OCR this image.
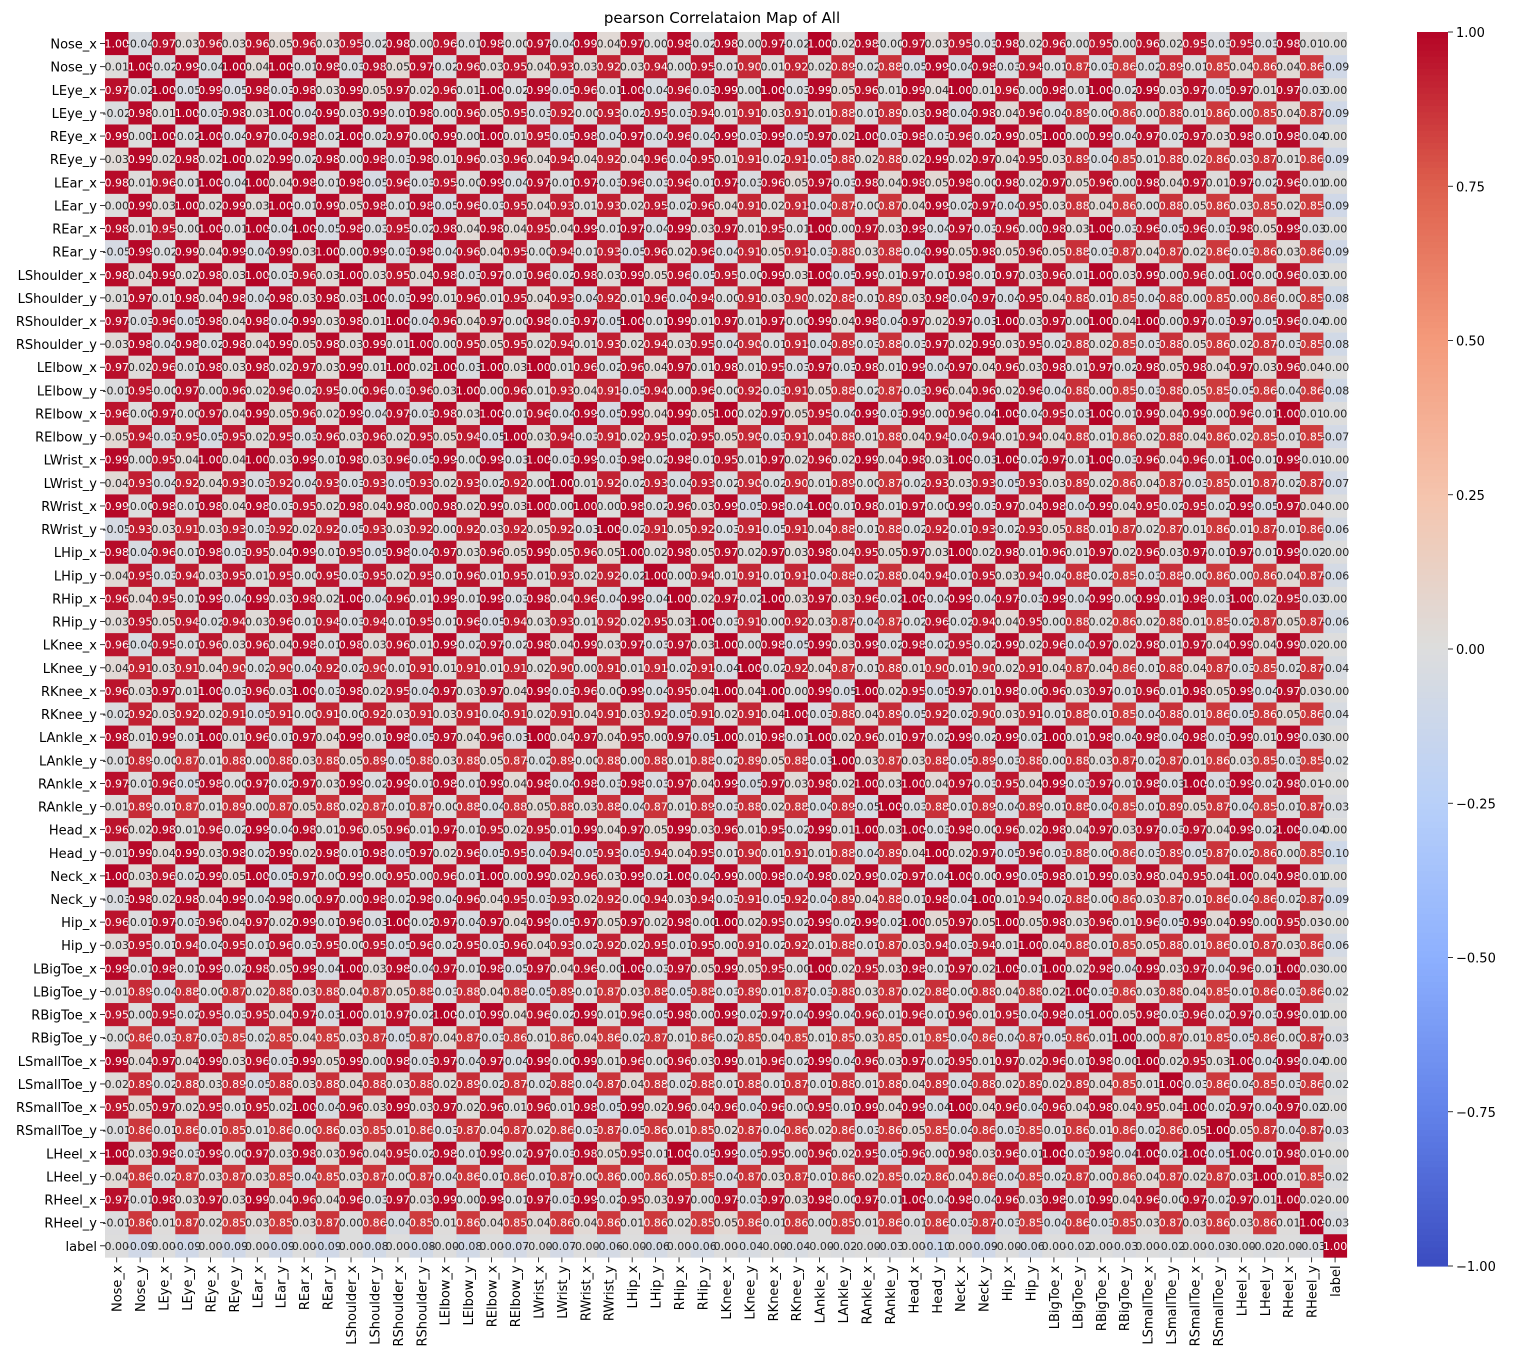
pearson Correlataion Map of All
1.00
-0.04
0.97
0.03
0.96
0.03
0.96
0.05
0.96
0.03
0.95
-0.02
0.98
0.00
0.96
-0.01
0.98
-0.00
0.97
-0.04
0.99
0.04
0.97
0.00
0.98
-0.02
0.98
0.00
0.97
-0.02
1.00
0.02
0.98
-0.00
0.97
0.03
0.95
-0.03
0.98
0.02
0.96
0.00
0.95
0.00
0.96
0.02
0.95
-0.03
0.95
-0.03
0.98
0.01
0.00
0.01
1.00
-0.02
0.99
-0.04
1.00
0.04
1.00
-0.01
0.98
-0.03
0.98
0.05
0.97
-0.02
0.96
0.03
0.95
0.04
0.93
0.03
0.92
0.03
0.94
0.00
0.95
-0.01
0.90
0.01
0.92
0.02
0.89
-0.02
0.88
-0.05
0.99
-0.04
0.98
-0.03
0.94
-0.01
0.87
-0.03
0.86
-0.02
0.89
-0.01
0.85
0.04
0.86
0.04
0.86
-0.09
0.97
-0.02
1.00
-0.05
0.99
-0.05
0.98
-0.03
0.98
0.03
0.99
0.05
0.97
0.02
0.96
0.01
1.00
-0.02
0.99
-0.05
0.96
-0.01
1.00
-0.04
0.96
-0.03
0.99
0.00
1.00
-0.03
0.99
0.05
0.96
0.01
0.99
0.04
1.00
0.01
0.96
0.00
0.98
-0.01
1.00
-0.02
0.99
0.03
0.97
-0.05
0.97
0.01
0.97
-0.03
0.00
-0.02
0.98
0.01
1.00
-0.03
0.98
0.03
1.00
-0.04
0.99
0.03
0.99
-0.01
0.98
0.00
0.96
0.05
0.95
-0.03
0.92
-0.00
0.93
-0.02
0.95
-0.03
0.94
0.01
0.91
0.03
0.91
0.01
0.88
-0.01
0.89
0.03
0.98
-0.04
0.98
0.04
0.96
-0.04
0.89
-0.00
0.86
0.00
0.88
0.01
0.86
0.00
0.85
0.04
0.87
-0.09
0.99
0.00
1.00
-0.02
1.00
-0.04
0.97
-0.04
0.98
-0.02
1.00
-0.02
0.97
-0.00
0.99
0.00
1.00
0.01
0.95
-0.05
0.98
-0.04
0.97
-0.04
0.96
-0.04
0.99
-0.03
0.99
-0.05
0.97
0.02
1.00
-0.03
0.98
-0.03
0.96
-0.02
0.99
0.05
1.00
0.00
0.99
-0.04
0.97
-0.02
0.97
0.03
0.98
-0.01
0.98
-0.04
0.00
0.03
0.99
0.02
0.98
0.02
1.00
0.02
0.99
-0.02
0.98
0.00
0.98
-0.03
0.98
0.01
0.96
0.03
0.96
0.04
0.94
0.04
0.92
0.04
0.96
-0.04
0.95
0.01
0.91
-0.02
0.91
-0.05
0.88
0.02
0.88
0.02
0.99
0.02
0.97
0.04
0.95
0.03
0.89
-0.04
0.85
0.01
0.88
0.02
0.86
0.03
0.87
0.01
0.86
-0.09
0.98
0.01
0.96
-0.01
1.00
-0.04
1.00
0.04
0.98
-0.01
0.98
-0.05
0.96
-0.03
0.95
-0.00
0.99
-0.04
0.97
-0.01
0.97
-0.03
0.96
-0.03
0.96
-0.01
0.97
-0.03
0.96
0.05
0.97
-0.03
0.98
0.04
0.98
0.05
0.98
-0.00
0.98
0.02
0.97
0.05
0.96
0.00
0.98
0.04
0.97
0.01
0.97
-0.02
0.96
-0.01
0.00
0.00
0.99
0.03
1.00
0.02
0.99
0.03
1.00
-0.01
0.99
0.05
0.98
-0.01
0.98
-0.05
0.96
-0.03
0.95
0.04
0.93
0.01
0.93
0.02
0.95
-0.02
0.96
0.04
0.91
0.02
0.91
-0.04
0.87
-0.00
0.87
0.04
0.99
-0.02
0.97
-0.04
0.95
0.03
0.88
0.04
0.86
0.00
0.88
0.05
0.86
0.03
0.85
0.02
0.85
-0.09
0.98
0.01
0.95
-0.00
1.00
-0.01
1.00
-0.04
1.00
-0.05
0.98
-0.03
0.95
-0.02
0.98
0.04
0.98
0.04
0.95
0.04
0.99
-0.01
0.97
-0.04
0.99
0.03
0.97
0.01
0.95
-0.01
1.00
0.00
0.97
0.03
0.99
-0.04
0.97
-0.03
0.96
0.00
0.98
0.03
1.00
-0.03
0.96
-0.05
0.96
-0.03
0.98
0.05
0.99
-0.03
0.00
-0.05
0.99
-0.02
0.99
0.04
0.99
-0.04
0.99
0.03
1.00
0.00
0.99
-0.03
0.98
-0.04
0.96
0.04
0.95
-0.00
0.94
-0.01
0.93
-0.05
0.96
0.02
0.96
-0.04
0.91
0.05
0.91
-0.03
0.88
0.03
0.88
-0.04
0.99
0.05
0.98
0.05
0.96
0.05
0.88
-0.03
0.87
0.04
0.87
0.02
0.86
-0.03
0.86
0.03
0.86
-0.09
0.98
0.04
0.99
0.02
0.98
0.03
1.00
-0.03
0.96
0.03
1.00
0.03
0.95
0.04
0.98
-0.03
0.97
-0.01
0.96
-0.02
0.98
0.03
0.99
0.05
0.96
-0.05
0.95
-0.00
0.99
0.03
1.00
-0.05
0.99
0.01
0.97
-0.01
0.98
-0.01
0.97
0.03
0.96
0.01
1.00
0.03
0.99
0.00
0.96
-0.00
1.00
-0.00
0.96
-0.03
0.00
0.01
0.97
0.01
0.98
0.04
0.98
-0.04
0.98
0.03
0.98
0.03
1.00
-0.03
0.99
0.01
0.96
0.01
0.95
0.04
0.93
-0.04
0.92
0.01
0.96
-0.04
0.94
-0.00
0.91
0.03
0.90
0.02
0.88
-0.01
0.89
0.03
0.98
-0.04
0.97
-0.04
0.95
0.04
0.88
0.01
0.85
-0.04
0.88
0.00
0.85
0.00
0.86
-0.00
0.85
-0.08
0.97
-0.03
0.96
-0.05
0.98
0.04
0.98
-0.04
0.99
0.03
0.98
0.01
1.00
-0.04
0.96
0.04
0.97
-0.00
0.98
-0.03
0.97
-0.05
1.00
-0.01
0.99
0.01
0.97
0.01
0.97
-0.00
0.99
0.04
0.98
-0.04
0.97
0.02
0.97
-0.03
1.00
0.03
0.97
0.00
1.00
0.04
1.00
0.00
0.97
-0.03
0.97
-0.05
0.96
-0.04
0.00
0.03
0.98
-0.04
0.98
-0.02
0.98
0.04
0.99
0.05
0.98
0.03
0.99
0.01
1.00
0.00
0.95
0.05
0.95
0.02
0.94
0.01
0.93
0.02
0.94
0.03
0.95
-0.04
0.90
-0.01
0.91
-0.04
0.89
-0.03
0.88
-0.03
0.97
0.02
0.99
0.03
0.95
-0.02
0.88
0.02
0.85
-0.03
0.88
0.05
0.86
0.02
0.87
-0.03
0.85
-0.08
0.97
0.02
0.96
-0.01
0.98
0.03
0.98
0.02
0.97
0.03
0.99
0.01
1.00
0.02
1.00
-0.03
1.00
0.03
1.00
0.01
0.96
-0.02
0.96
0.04
0.97
0.01
0.98
0.01
0.95
-0.03
0.97
-0.03
0.98
0.01
0.99
-0.04
0.97
0.04
0.96
0.03
0.98
0.01
0.97
-0.02
0.98
0.05
0.98
0.04
0.97
0.03
0.96
0.04
-0.00
-0.01
0.95
-0.00
0.97
0.00
0.96
0.02
0.96
-0.02
0.95
-0.00
0.96
-0.03
0.96
0.03
1.00
0.00
0.96
0.01
0.93
0.04
0.91
-0.05
0.94
0.00
0.96
-0.00
0.92
-0.03
0.91
0.05
0.88
-0.02
0.87
-0.03
0.96
0.04
0.96
0.02
0.96
-0.04
0.88
0.00
0.85
-0.03
0.88
0.05
0.85
-0.05
0.86
-0.04
0.86
-0.08
0.96
-0.00
0.97
-0.00
0.97
0.04
0.99
0.05
0.96
0.02
0.99
-0.04
0.97
-0.03
0.98
0.03
1.00
-0.01
0.96
-0.04
0.99
-0.05
0.99
0.04
0.99
0.05
1.00
0.02
0.97
0.05
0.95
-0.04
0.99
-0.03
0.99
0.00
0.96
-0.04
1.00
-0.04
0.95
-0.03
1.00
-0.01
0.99
0.04
0.99
0.00
0.96
-0.01
1.00
0.01
0.00
0.05
0.94
-0.03
0.95
-0.05
0.95
0.02
0.95
-0.03
0.96
0.03
0.96
0.02
0.95
0.05
0.94
-0.05
1.00
0.03
0.94
-0.03
0.91
0.02
0.95
-0.02
0.95
0.05
0.90
-0.03
0.91
0.04
0.88
0.01
0.88
0.04
0.94
-0.04
0.94
0.01
0.94
0.04
0.88
0.01
0.86
0.02
0.88
0.04
0.86
0.02
0.85
-0.01
0.85
-0.07
0.99
0.00
0.95
0.04
1.00
0.04
1.00
0.03
0.99
-0.01
0.98
0.03
0.96
-0.05
0.99
-0.00
0.99
-0.03
1.00
-0.03
0.99
-0.03
0.98
-0.02
0.98
-0.01
0.95
0.01
0.97
0.02
0.96
0.02
0.99
0.04
0.98
0.03
1.00
-0.03
1.00
-0.02
0.97
-0.01
1.00
-0.03
0.96
0.04
0.96
-0.01
1.00
-0.01
0.99
-0.01
-0.00
0.04
0.93
-0.04
0.92
0.04
0.93
-0.03
0.92
-0.04
0.93
-0.03
0.93
-0.05
0.93
0.02
0.93
-0.02
0.92
0.00
1.00
0.01
0.92
-0.02
0.93
-0.04
0.93
-0.02
0.90
-0.02
0.90
0.01
0.89
-0.00
0.87
-0.02
0.93
0.03
0.93
-0.05
0.93
0.03
0.89
0.02
0.86
0.04
0.87
-0.03
0.85
0.01
0.87
-0.02
0.87
-0.07
0.99
-0.00
0.98
-0.01
0.98
0.04
0.98
-0.03
0.95
0.02
0.98
0.04
0.98
0.00
0.98
0.02
0.99
0.03
1.00
0.00
1.00
0.00
0.98
-0.02
0.96
0.03
0.99
-0.05
0.98
-0.04
1.00
-0.01
0.98
0.01
0.97
-0.00
0.99
-0.03
0.97
0.04
0.98
-0.04
0.99
0.04
0.95
-0.02
0.95
-0.02
0.99
-0.05
0.97
0.04
-0.00
-0.05
0.93
0.03
0.91
0.03
0.93
-0.03
0.92
0.02
0.92
-0.05
0.93
0.03
0.92
0.00
0.92
0.03
0.92
0.05
0.92
-0.03
1.00
-0.02
0.91
0.05
0.92
-0.03
0.91
-0.05
0.91
0.04
0.88
-0.01
0.88
-0.02
0.92
-0.01
0.93
-0.02
0.93
0.05
0.88
0.01
0.87
0.02
0.87
0.01
0.86
0.01
0.87
-0.01
0.86
-0.06
0.98
-0.04
0.96
-0.01
0.98
-0.03
0.95
0.04
0.99
-0.01
0.95
-0.05
0.98
-0.04
0.97
0.03
0.96
0.05
0.99
0.05
0.96
0.05
1.00
0.02
0.98
0.05
0.97
0.02
0.97
0.03
0.98
0.04
0.95
0.05
0.97
0.03
1.00
0.02
0.98
0.01
0.96
0.01
0.97
0.02
0.96
0.03
0.97
-0.01
0.97
-0.01
0.99
-0.02
-0.00
0.04
0.95
-0.03
0.94
0.03
0.95
0.01
0.95
-0.00
0.95
-0.03
0.95
0.02
0.95
-0.01
0.96
0.01
0.95
0.01
0.93
0.02
0.92
-0.02
1.00
0.00
0.94
0.01
0.91
-0.01
0.91
-0.04
0.88
-0.02
0.88
0.04
0.94
-0.01
0.95
0.03
0.94
-0.04
0.88
-0.02
0.85
-0.03
0.88
-0.00
0.86
0.00
0.86
0.04
0.87
-0.06
0.96
0.04
0.95
-0.01
0.99
-0.04
0.99
0.03
0.98
0.02
1.00
-0.04
0.96
0.01
0.99
-0.01
0.99
-0.03
0.98
0.04
0.96
-0.04
0.99
-0.04
1.00
0.02
0.97
-0.02
1.00
0.03
0.97
0.03
0.96
-0.02
1.00
-0.04
0.99
-0.04
0.97
-0.03
0.99
-0.04
0.99
-0.00
0.99
0.01
0.98
-0.03
1.00
0.02
0.95
-0.03
0.00
0.03
0.95
0.05
0.94
-0.02
0.94
0.03
0.96
-0.01
0.94
-0.03
0.94
-0.01
0.95
-0.01
0.96
-0.05
0.94
0.03
0.93
0.01
0.92
0.02
0.95
0.03
1.00
-0.03
0.91
0.00
0.92
0.03
0.87
-0.04
0.87
-0.02
0.96
-0.02
0.94
0.04
0.95
0.00
0.88
0.02
0.86
0.02
0.88
0.01
0.85
-0.02
0.87
0.05
0.87
-0.06
0.96
-0.04
0.95
-0.01
0.96
0.03
0.96
0.04
0.98
-0.01
0.98
0.03
0.96
0.01
0.99
-0.02
0.97
-0.02
0.98
0.04
0.99
0.03
0.97
-0.03
0.97
0.03
1.00
0.00
0.98
-0.05
0.99
0.03
0.99
-0.02
0.98
-0.02
0.95
-0.02
0.99
0.02
0.96
-0.04
0.97
0.02
0.98
0.01
0.97
0.04
0.99
0.04
0.99
0.02
0.00
0.04
0.91
0.03
0.91
0.04
0.90
-0.02
0.90
-0.04
0.92
-0.02
0.90
-0.01
0.91
0.01
0.91
0.01
0.91
0.02
0.90
0.00
0.91
0.01
0.91
-0.02
0.91
-0.04
1.00
-0.02
0.92
0.04
0.87
-0.01
0.88
0.01
0.90
0.01
0.90
0.02
0.91
0.04
0.87
0.04
0.86
-0.01
0.88
0.04
0.87
-0.03
0.85
-0.02
0.87
-0.04
0.96
0.03
0.97
0.01
1.00
-0.03
0.96
0.03
1.00
-0.03
0.98
0.02
0.95
-0.04
0.97
0.03
0.97
0.04
0.99
-0.03
0.96
-0.00
0.99
-0.04
0.95
0.04
1.00
0.04
1.00
0.00
0.99
-0.05
1.00
0.02
0.95
-0.05
0.97
0.01
0.98
-0.00
0.96
0.03
0.97
-0.01
0.96
0.01
0.98
0.05
0.99
-0.04
0.97
0.03
-0.00
-0.02
0.92
0.03
0.92
0.02
0.91
-0.05
0.91
-0.00
0.91
-0.00
0.92
0.03
0.91
0.03
0.91
-0.04
0.91
0.02
0.91
0.04
0.91
0.03
0.92
-0.05
0.91
0.02
0.91
0.04
1.00
-0.03
0.88
0.04
0.89
-0.05
0.92
-0.02
0.90
0.03
0.91
-0.01
0.88
-0.01
0.85
-0.04
0.88
0.01
0.86
-0.05
0.86
0.05
0.86
-0.04
0.98
0.01
0.99
-0.01
1.00
0.01
0.96
-0.01
0.97
0.04
0.99
-0.01
0.98
-0.05
0.97
0.04
0.96
-0.03
1.00
0.04
0.97
0.04
0.95
0.00
0.97
-0.05
1.00
0.01
0.98
-0.01
1.00
0.02
0.96
0.01
0.97
-0.02
0.99
-0.02
0.99
-0.02
1.00
0.01
0.98
-0.04
0.98
-0.04
0.98
-0.03
0.99
0.01
0.99
-0.03
-0.00
-0.01
0.89
-0.00
0.87
0.01
0.88
0.00
0.88
0.03
0.88
0.05
0.89
-0.05
0.88
0.03
0.88
0.05
0.87
-0.02
0.89
-0.00
0.88
0.00
0.88
0.01
0.88
-0.02
0.89
0.05
0.88
-0.03
1.00
0.03
0.87
0.03
0.88
-0.05
0.89
-0.03
0.88
0.00
0.88
0.03
0.87
-0.02
0.87
0.01
0.86
0.03
0.85
-0.03
0.85
-0.02
0.97
-0.01
0.96
-0.05
0.98
-0.00
0.97
-0.02
0.97
0.03
0.99
-0.02
0.99
-0.01
0.98
-0.01
0.99
0.04
0.98
-0.04
0.98
-0.03
0.98
-0.03
0.97
0.04
0.99
-0.05
0.97
0.03
0.98
0.02
1.00
0.03
1.00
0.04
0.97
-0.03
0.95
0.04
0.99
-0.03
0.97
-0.01
0.98
-0.03
1.00
-0.03
0.99
-0.02
0.98
0.01
-0.00
0.01
0.89
-0.01
0.87
0.01
0.89
0.00
0.87
0.05
0.88
0.02
0.87
-0.01
0.87
-0.00
0.88
-0.04
0.88
0.05
0.88
0.03
0.88
-0.04
0.87
0.01
0.89
-0.03
0.88
0.02
0.88
-0.04
0.89
-0.05
1.00
-0.03
0.88
-0.01
0.89
-0.04
0.89
-0.01
0.88
-0.04
0.85
-0.01
0.89
0.05
0.87
-0.04
0.85
-0.01
0.87
-0.03
0.96
0.02
0.98
0.01
0.96
-0.02
0.99
-0.04
0.98
0.01
0.96
0.05
0.96
0.01
0.97
-0.01
0.95
0.02
0.95
0.01
0.99
0.04
0.97
0.05
0.99
0.03
0.96
0.01
0.95
-0.02
0.99
0.01
1.00
0.03
1.00
-0.03
0.98
-0.00
0.96
0.02
0.98
0.04
0.97
0.03
0.97
-0.03
0.97
0.04
0.99
-0.02
1.00
-0.04
0.00
0.01
0.99
0.04
0.99
0.03
0.98
-0.02
0.99
0.02
0.98
-0.01
0.98
-0.05
0.97
0.02
0.96
-0.05
0.95
-0.04
0.94
-0.05
0.93
-0.05
0.94
0.04
0.95
-0.01
0.90
0.01
0.91
0.01
0.88
-0.04
0.89
0.04
1.00
0.02
0.97
-0.05
0.96
-0.03
0.88
-0.00
0.86
-0.03
0.89
-0.05
0.87
-0.02
0.86
0.00
0.85
-0.10
1.00
0.03
0.96
-0.02
0.99
0.05
1.00
-0.05
0.97
-0.00
0.99
-0.00
0.95
0.00
0.96
-0.01
1.00
0.00
0.99
0.02
0.96
0.03
0.99
-0.02
1.00
-0.04
0.99
0.00
0.98
-0.04
0.98
0.02
0.99
-0.02
0.97
-0.04
1.00
-0.00
0.99
-0.05
0.98
0.01
0.99
0.03
0.98
0.04
0.95
0.04
1.00
0.04
0.98
-0.01
0.00
-0.03
0.98
0.02
0.98
0.04
0.99
-0.04
0.98
-0.00
0.97
0.00
0.98
-0.02
0.98
-0.04
0.96
0.04
0.95
-0.03
0.93
0.02
0.92
-0.00
0.94
0.03
0.94
-0.03
0.91
-0.05
0.92
-0.04
0.89
0.04
0.88
-0.01
0.98
-0.04
1.00
0.01
0.94
-0.02
0.88
-0.00
0.86
0.03
0.87
-0.01
0.86
-0.04
0.86
-0.02
0.87
-0.09
0.96
-0.01
0.97
-0.03
0.96
0.04
0.97
0.02
0.99
-0.01
0.96
-0.03
1.00
-0.02
0.97
-0.04
0.97
0.04
0.99
-0.05
0.97
0.05
0.97
0.02
0.98
-0.00
1.00
0.02
0.95
-0.02
0.99
-0.02
0.99
-0.02
1.00
0.05
0.97
0.05
1.00
0.05
0.98
0.03
0.96
0.01
0.96
-0.05
0.99
0.04
0.99
0.00
0.95
0.03
-0.00
0.03
0.95
-0.01
0.94
-0.04
0.95
-0.01
0.96
-0.03
0.95
-0.00
0.95
-0.05
0.96
-0.02
0.95
-0.03
0.96
0.04
0.93
-0.02
0.92
0.02
0.95
-0.01
0.95
0.00
0.91
-0.02
0.92
0.01
0.88
-0.01
0.87
0.03
0.94
-0.03
0.94
0.01
1.00
0.04
0.88
-0.01
0.85
0.05
0.88
0.01
0.86
-0.01
0.87
0.03
0.86
-0.06
0.99
-0.01
0.98
-0.01
0.99
-0.02
0.98
0.05
0.99
-0.04
1.00
0.03
0.98
-0.04
0.97
-0.01
0.98
-0.05
0.97
0.04
0.96
-0.00
1.00
-0.03
0.97
0.05
0.99
0.05
0.95
-0.00
1.00
0.02
0.95
0.03
0.98
-0.01
0.97
0.02
1.00
-0.01
1.00
0.02
0.98
-0.04
0.99
0.03
0.97
-0.04
0.96
-0.01
1.00
0.03
0.00
0.01
0.89
-0.04
0.88
-0.00
0.87
0.02
0.88
0.03
0.88
0.04
0.87
0.05
0.88
-0.03
0.88
0.04
0.88
-0.05
0.89
-0.01
0.87
0.03
0.88
-0.05
0.88
-0.03
0.89
0.01
0.87
-0.03
0.88
0.03
0.87
0.02
0.88
-0.00
0.88
0.04
0.88
0.02
1.00
-0.03
0.86
0.03
0.88
0.04
0.85
-0.01
0.86
-0.03
0.86
-0.02
0.95
0.00
0.95
-0.02
0.95
-0.03
0.95
0.04
0.97
-0.03
1.00
0.01
0.97
-0.02
1.00
-0.01
0.99
0.04
0.96
-0.02
0.99
0.01
0.96
-0.05
0.98
0.00
0.99
-0.02
0.97
-0.04
0.99
-0.04
0.96
0.01
0.96
-0.01
0.96
0.01
0.95
-0.04
0.98
-0.05
1.00
0.05
0.98
-0.03
0.96
-0.02
0.97
-0.03
0.99
-0.01
0.00
-0.00
0.86
-0.03
0.87
-0.03
0.85
-0.02
0.85
0.04
0.85
0.03
0.87
-0.05
0.87
0.04
0.87
-0.03
0.86
0.01
0.86
0.04
0.86
-0.02
0.87
0.01
0.86
-0.02
0.85
0.04
0.85
0.01
0.85
0.03
0.85
0.01
0.85
-0.04
0.86
-0.04
0.87
-0.05
0.86
0.01
1.00
0.00
0.87
0.01
0.85
-0.05
0.86
-0.00
0.87
-0.03
0.99
0.04
0.97
0.04
0.99
0.03
0.96
-0.03
0.99
0.05
0.99
0.00
0.98
-0.03
0.97
-0.04
0.97
-0.04
0.99
-0.00
0.99
0.01
0.96
-0.00
0.96
0.03
0.99
0.01
0.96
-0.02
0.99
-0.04
0.96
0.03
0.97
-0.02
0.95
0.01
0.97
0.02
0.96
-0.01
0.98
-0.00
1.00
0.02
0.95
0.03
1.00
-0.04
0.99
-0.04
0.00
0.02
0.89
-0.02
0.88
0.03
0.89
-0.05
0.88
0.03
0.88
0.04
0.88
0.03
0.88
0.02
0.89
-0.02
0.87
-0.02
0.88
-0.04
0.87
0.04
0.88
-0.02
0.88
-0.01
0.88
-0.01
0.87
-0.01
0.88
0.01
0.88
0.04
0.89
-0.04
0.88
0.02
0.89
0.02
0.89
0.04
0.85
0.01
1.00
-0.03
0.86
-0.04
0.85
-0.03
0.86
-0.02
0.95
0.05
0.97
0.02
0.95
-0.01
0.95
0.02
1.00
-0.04
0.96
0.03
0.99
0.03
0.97
0.02
0.96
0.01
0.96
0.01
0.98
-0.05
0.99
0.02
0.96
0.04
0.96
-0.04
0.96
-0.00
0.95
-0.01
0.99
0.04
0.99
-0.04
1.00
0.04
0.96
-0.04
0.96
0.04
0.98
0.04
0.95
0.04
1.00
-0.02
0.97
-0.04
0.97
-0.02
0.00
-0.01
0.86
-0.01
0.86
-0.01
0.85
0.01
0.86
-0.00
0.86
0.03
0.85
0.01
0.86
-0.03
0.87
0.04
0.87
0.02
0.86
-0.03
0.87
-0.05
0.86
0.01
0.85
0.02
0.87
-0.04
0.86
0.02
0.86
-0.03
0.86
0.05
0.85
-0.04
0.86
-0.03
0.85
-0.01
0.86
0.01
0.86
-0.02
0.86
0.05
1.00
0.05
0.87
-0.04
0.87
-0.03
1.00
0.03
0.98
-0.03
0.99
-0.00
0.97
0.03
0.98
0.03
0.96
0.04
0.95
-0.02
0.98
-0.01
0.99
-0.02
0.97
-0.03
0.98
0.05
0.95
-0.01
1.00
-0.05
0.99
-0.05
0.95
0.00
0.96
0.02
0.95
-0.05
0.96
0.00
0.98
0.03
0.96
-0.01
1.00
-0.03
0.98
-0.04
1.00
-0.02
1.00
-0.05
1.00
-0.01
0.98
0.01
-0.00
0.04
0.86
-0.02
0.87
0.03
0.87
0.03
0.85
-0.04
0.85
0.03
0.87
-0.00
0.87
-0.04
0.86
-0.01
0.86
-0.01
0.87
-0.00
0.86
0.00
0.86
0.05
0.85
-0.04
0.87
0.03
0.87
-0.01
0.86
0.02
0.85
-0.02
0.86
0.04
0.86
-0.04
0.85
-0.02
0.87
0.00
0.86
0.04
0.87
0.02
0.87
0.03
1.00
0.01
0.85
-0.02
0.97
-0.01
0.98
0.03
0.97
0.03
0.99
0.04
0.96
0.04
0.96
-0.03
0.97
0.03
0.99
0.00
0.99
-0.01
0.97
-0.03
0.99
-0.02
0.95
0.03
0.97
0.00
0.97
-0.03
0.97
0.03
0.98
-0.00
0.97
-0.01
1.00
-0.04
0.98
-0.04
0.96
0.03
0.98
-0.01
0.99
0.04
0.96
-0.00
0.97
-0.02
0.97
0.01
1.00
0.02
-0.00
-0.01
0.86
0.01
0.87
0.02
0.85
0.03
0.85
0.03
0.87
0.00
0.86
-0.04
0.85
0.01
0.86
0.04
0.85
0.04
0.86
0.04
0.86
0.01
0.86
0.02
0.85
0.05
0.86
-0.01
0.86
0.00
0.85
0.01
0.86
-0.01
0.86
-0.03
0.87
-0.03
0.85
-0.04
0.86
-0.03
0.85
0.03
0.87
0.03
0.86
0.03
0.86
0.01
1.00
-0.03
0.00
-0.09
0.00
-0.09
0.00
-0.09
0.00
-0.09
0.00
-0.09
0.00
-0.08
0.00
-0.08
-0.00
-0.08
0.00
-0.07
-0.00
-0.07
-0.00
-0.06
-0.00
-0.06
0.00
-0.06
0.00
-0.04
-0.00
-0.04
-0.00
-0.02
-0.00
-0.03
0.00
-0.10
0.00
-0.09
-0.00
-0.06
0.00
-0.02
0.00
-0.03
0.00
-0.02
0.00
-0.03
-0.00
-0.02
-0.00
-0.03
1.00
Nose_x
Nose_y
LEye_x
LEye_y
REye_x
REye_y
LEar_x
LEar_y
REar_x
REar_y
LShoulder_x
LShoulder_y
RShoulder_x
RShoulder_y
LElbow_x
LElbow_y
RElbow_x
RElbow_y
LWrist_x
LWrist_y
RWrist_x
RWrist_y
LHip_x
LHip_y
RHip_x
RHip_y
LKnee_x
LKnee_y
RKnee_x
RKnee_y
LAnkle_x
LAnkle_y
RAnkle_x
RAnkle_y
Head_x
Head_y
Neck_x
Neck_y
Hip_x
Hip_y
LBigToe_x
LBigToe_y
RBigToe_x
RBigToe_y
LSmallToe_x
LSmallToe_y
RSmallToe_x
RSmallToe_y
LHeel_x
LHeel_y
RHeel_x
RHeel_y
label
Nose_x Nose_y LEye_x LEye_y REye_x REye_y LEar_x LEar_y REar_x REar_y LShoulder_x LShoulder_y RShoulder_x RShoulder_y LElbow_x LElbow_y RElbow_x RElbow_y LWrist_x LWrist_y RWrist_x RWrist_y LHip_x LHip_y RHip_x RHip_y LKnee_x LKnee_y RKnee_x RKnee_y LAnkle_x LAnkle_y RAnkle_x RAnkle_y Head_x Head_y Neck_x Neck_y Hip_x Hip_y LBigToe_x LBigToe_y RBigToe_x RBigToe_y LSmallToe_x LSmallToe_y RSmallToe_x RSmallToe_y LHeel_x LHeel_y RHeel_x RHeel_y label
1.00
0.75
0.50
0.25
0.00
−0.25
−0.50
−0.75
−1.00
